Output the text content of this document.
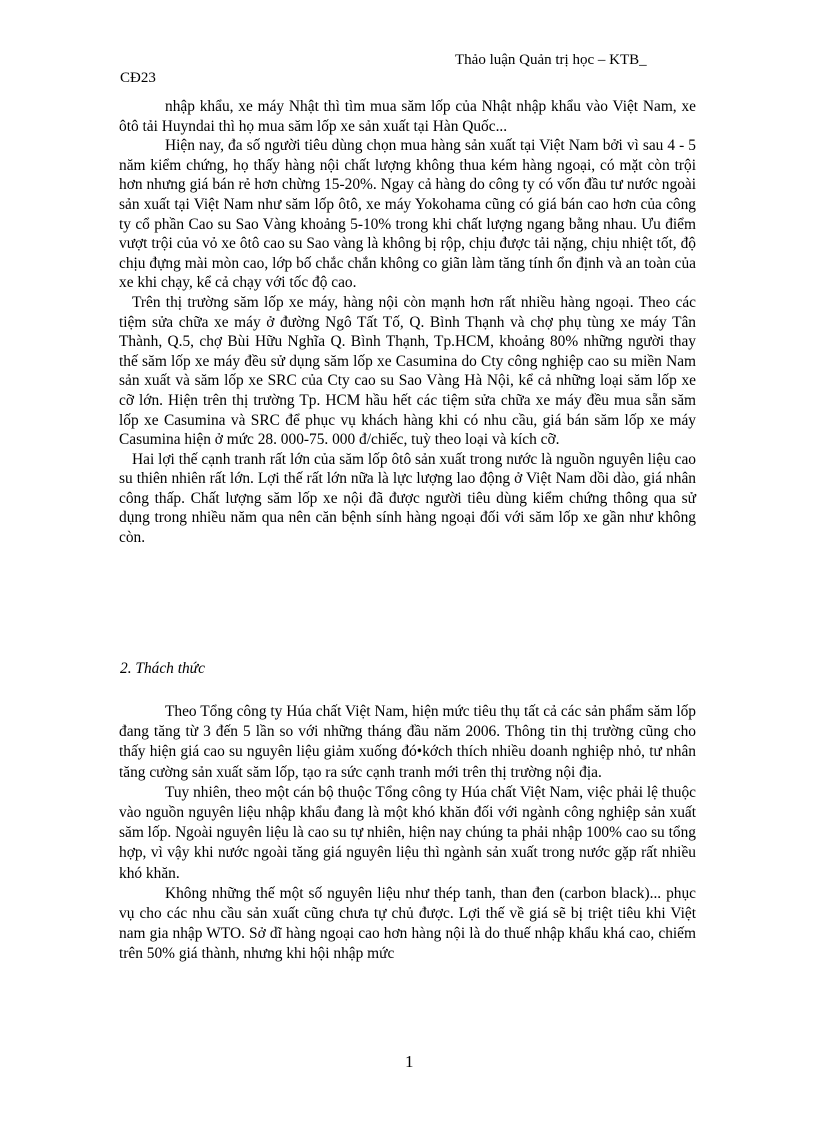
Thảo luận Quản trị học – KTB_
CĐ23

nhập khẩu, xe máy Nhật thì tìm mua săm lốp của Nhật nhập khẩu vào Việt Nam, xe ôtô tải Huyndai thì họ mua săm lốp xe sản xuất tại Hàn Quốc...

Hiện nay, đa số người tiêu dùng chọn mua hàng sản xuất tại Việt Nam bởi vì sau 4 - 5 năm kiểm chứng, họ thấy hàng nội chất lượng không thua kém hàng ngoại, có mặt còn trội hơn nhưng giá bán rẻ hơn chừng 15-20%. Ngay cả hàng do công ty có vốn đầu tư nước ngoài sản xuất tại Việt Nam như săm lốp ôtô, xe máy Yokohama cũng có giá bán cao hơn của công ty cổ phần Cao su Sao Vàng khoảng 5-10% trong khi chất lượng ngang bằng nhau. Ưu điểm vượt trội của vỏ xe ôtô cao su Sao vàng là không bị rộp, chịu được tải nặng, chịu nhiệt tốt, độ chịu đựng mài mòn cao, lớp bố chắc chắn không co giãn làm tăng tính ổn định và an toàn của xe khi chạy, kể cả chạy với tốc độ cao.

Trên thị trường săm lốp xe máy, hàng nội còn mạnh hơn rất nhiều hàng ngoại. Theo các tiệm sửa chữa xe máy ở đường Ngô Tất Tố, Q. Bình Thạnh và chợ phụ tùng xe máy Tân Thành, Q.5, chợ Bùi Hữu Nghĩa Q. Bình Thạnh, Tp.HCM, khoảng 80% những người thay thế săm lốp xe máy đều sử dụng săm lốp xe Casumina do Cty công nghiệp cao su miền Nam sản xuất và săm lốp xe SRC của Cty cao su Sao Vàng Hà Nội, kể cả những loại săm lốp xe cỡ lớn. Hiện trên thị trường Tp. HCM hầu hết các tiệm sửa chữa xe máy đều mua sẵn săm lốp xe Casumina và SRC để phục vụ khách hàng khi có nhu cầu, giá bán săm lốp xe máy Casumina hiện ở mức 28. 000-75. 000 đ/chiếc, tuỳ theo loại và kích cỡ.

Hai lợi thế cạnh tranh rất lớn của săm lốp ôtô sản xuất trong nước là nguồn nguyên liệu cao su thiên nhiên rất lớn. Lợi thế rất lớn nữa là lực lượng lao động ở Việt Nam dồi dào, giá nhân công thấp. Chất lượng săm lốp xe nội đã được người tiêu dùng kiểm chứng thông qua sử dụng trong nhiều năm qua nên căn bệnh sính hàng ngoại đối với săm lốp xe gần như không còn.

2. Thách thức

Theo Tổng công ty Húa chất Việt Nam, hiện mức tiêu thụ tất cả các sản phẩm săm lốp đang tăng từ 3 đến 5 lần so với những tháng đầu năm 2006. Thông tin thị trường cũng cho thấy hiện giá cao su nguyên liệu giảm xuống đó•kớch thích nhiều doanh nghiệp nhỏ, tư nhân tăng cường sản xuất săm lốp, tạo ra sức cạnh tranh mới trên thị trường nội địa.

Tuy nhiên, theo một cán bộ thuộc Tổng công ty Húa chất Việt Nam, việc phải lệ thuộc vào nguồn nguyên liệu nhập khẩu đang là một khó khăn đối với ngành công nghiệp sản xuất săm lốp. Ngoài nguyên liệu là cao su tự nhiên, hiện nay chúng ta phải nhập 100% cao su tổng hợp, vì vậy khi nước ngoài tăng giá nguyên liệu thì ngành sản xuất trong nước gặp rất nhiều khó khăn.

Không những thế một số nguyên liệu như thép tanh, than đen (carbon black)... phục vụ cho các nhu cầu sản xuất cũng chưa tự chủ được. Lợi thế về giá sẽ bị triệt tiêu khi Việt nam gia nhập WTO. Sở dĩ hàng ngoại cao hơn hàng nội là do thuế nhập khẩu khá cao, chiếm trên 50% giá thành, nhưng khi hội nhập mức

1
